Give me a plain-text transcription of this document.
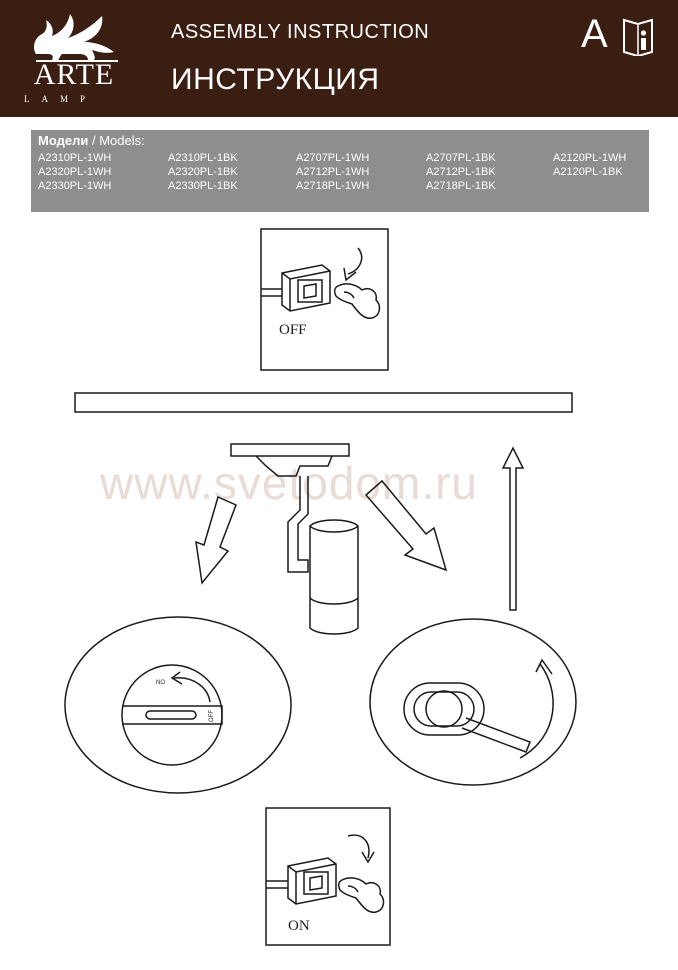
ARTE
LAMP
ASSEMBLY INSTRUCTION
ИНСТРУКЦИЯ
A	i
Модели / Models:
A2310PL-1WH	A2310PL-1BK	A2707PL-1WH	A2707PL-1BK	A2120PL-1WH
A2320PL-1WH	A2320PL-1BK	A2712PL-1WH	A2712PL-1BK	A2120PL-1BK
A2330PL-1WH	A2330PL-1BK	A2718PL-1WH	A2718PL-1BK
www.svetodom.ru
NO
OFF
OFF
ON
